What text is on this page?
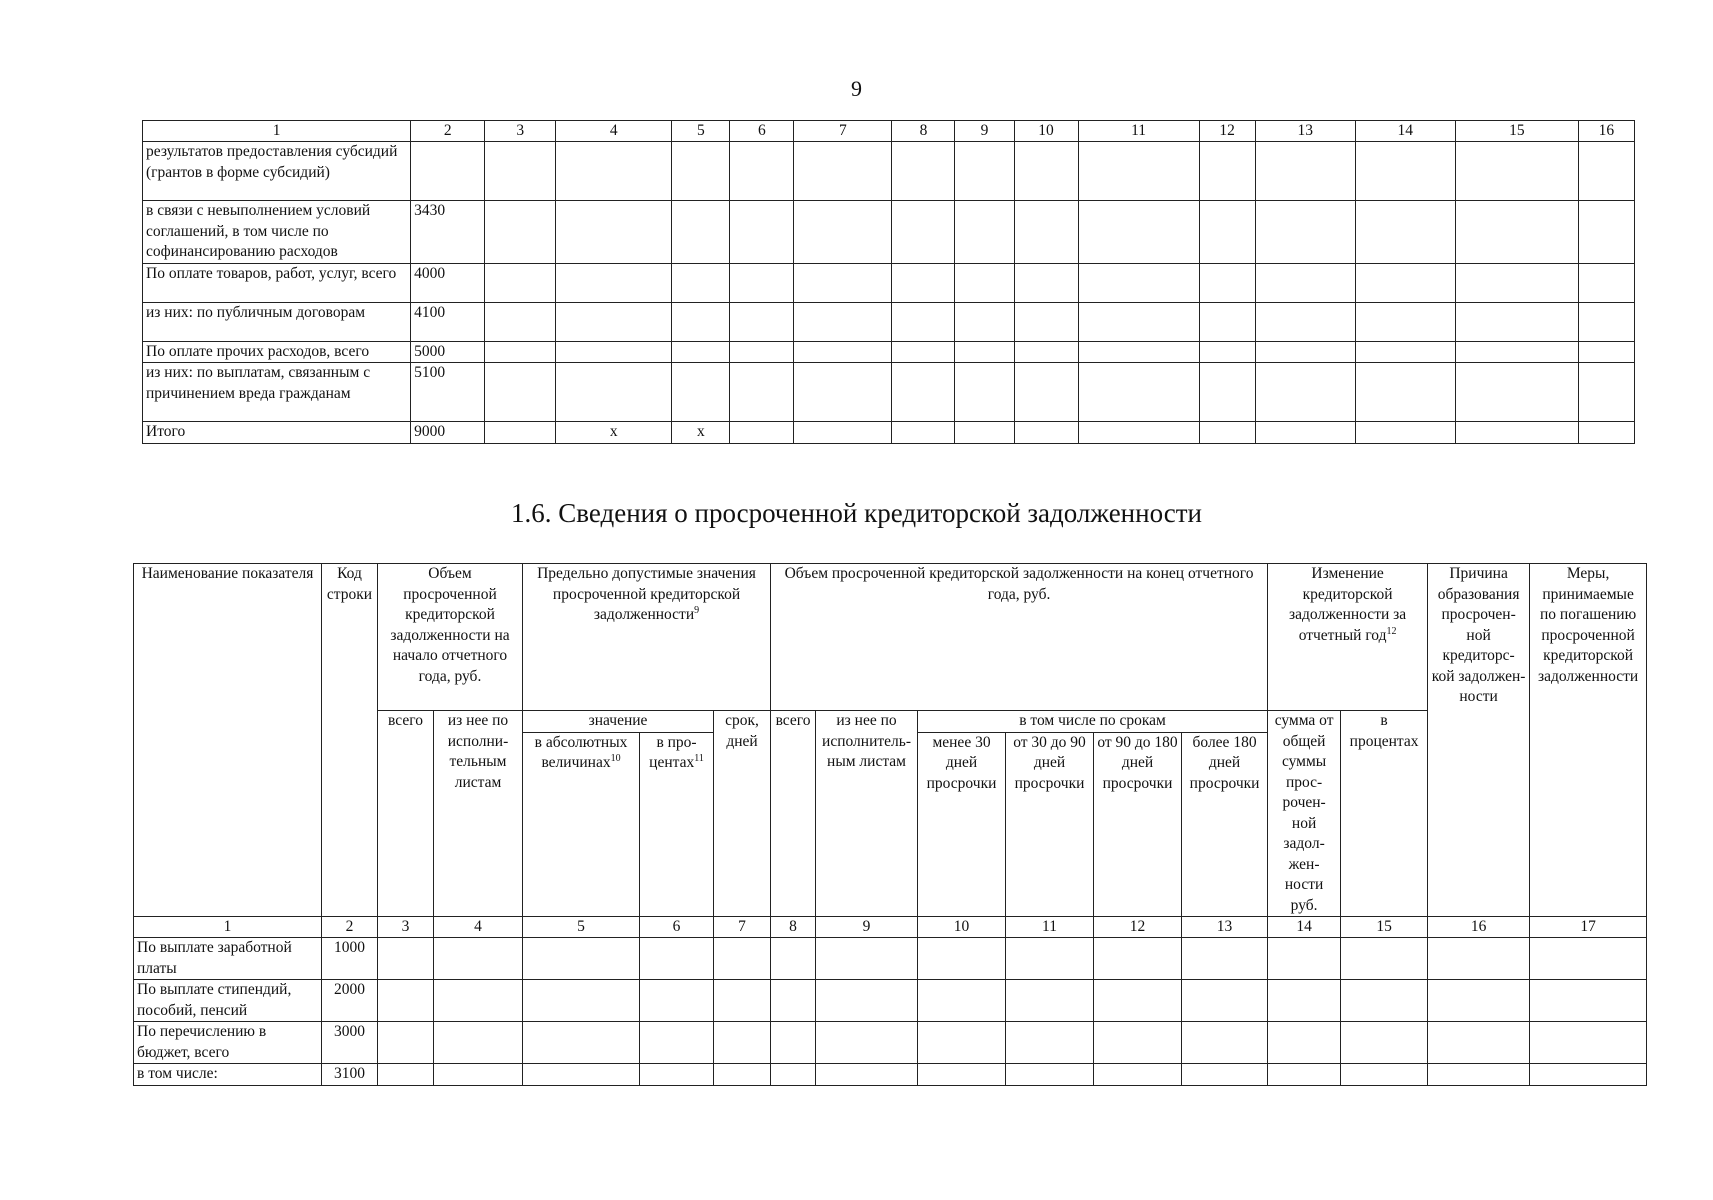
9
1	2	3	4	5	6	7	8	9	10	11	12	13	14	15	16
результатов предоставления субсидий (грантов в форме субсидий)															
в связи с невыполнением условий соглашений, в том числе по софинансированию расходов	3430														
По оплате товаров, работ, услуг, всего	4000														
из них: по публичным договорам	4100														
По оплате прочих расходов, всего	5000														
из них: по выплатам, связанным с причинением вреда гражданам	5100														
Итого	9000		x	x											
1.6. Сведения о просроченной кредиторской задолженности
Наименование показателя	Код строки	Объем просроченной кредиторской задолженности на начало отчетного года, руб.		Предельно допустимые значения просроченной кредиторской задолженности$^9$			Объем просроченной кредиторской задолженности на конец отчетного года, руб.						Изменение кредиторской задолженности за отчетный год$^{12}$		Причина образования просрочен-ной кредиторс-кой задолжен-ности	Меры, принимаемые по погашению просроченной кредиторской задолженности
		всего	из нее по исполни-тельным листам	значение		срок, дней	всего	из нее по исполнитель-ным листам	в том числе по срокам				сумма от общей суммы прос-рочен-ной задол-жен-ности руб.	в процентах		
				в абсолютных величинах$^{10}$	в про-центах$^{11}$				менее 30 дней просрочки	от 30 до 90 дней просрочки	от 90 до 180 дней просрочки	более 180 дней просрочки				

1	2	3	4	5	6	7	8	9	10	11	12	13	14	15	16	17
По выплате заработной платы	1000															
По выплате стипендий, пособий, пенсий	2000															
По перечислению в бюджет, всего	3000															
в том числе:	3100															
